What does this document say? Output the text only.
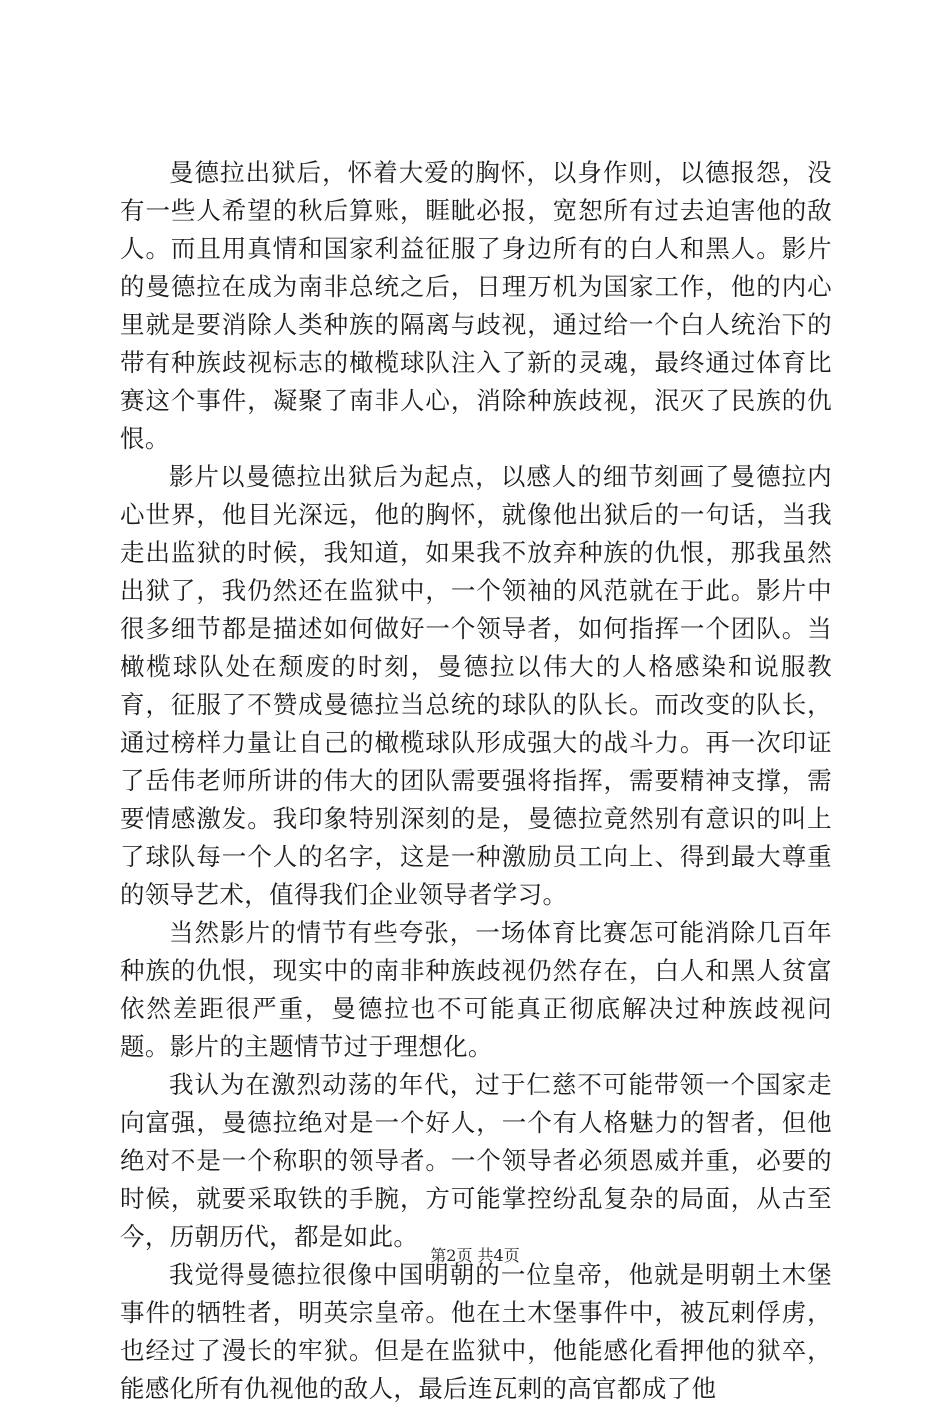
曼德拉出狱后，怀着大爱的胸怀，以身作则，以德报怨，没有一些人希望的秋后算账，睚眦必报，宽恕所有过去迫害他的敌人。而且用真情和国家利益征服了身边所有的白人和黑人。影片的曼德拉在成为南非总统之后，日理万机为国家工作，他的内心里就是要消除人类种族的隔离与歧视，通过给一个白人统治下的带有种族歧视标志的橄榄球队注入了新的灵魂，最终通过体育比赛这个事件，凝聚了南非人心，消除种族歧视，泯灭了民族的仇恨。

影片以曼德拉出狱后为起点，以感人的细节刻画了曼德拉内心世界，他目光深远，他的胸怀，就像他出狱后的一句话，当我走出监狱的时候，我知道，如果我不放弃种族的仇恨，那我虽然出狱了，我仍然还在监狱中，一个领袖的风范就在于此。影片中很多细节都是描述如何做好一个领导者，如何指挥一个团队。当橄榄球队处在颓废的时刻，曼德拉以伟大的人格感染和说服教育，征服了不赞成曼德拉当总统的球队的队长。而改变的队长，通过榜样力量让自己的橄榄球队形成强大的战斗力。再一次印证了岳伟老师所讲的伟大的团队需要强将指挥，需要精神支撑，需要情感激发。我印象特别深刻的是，曼德拉竟然别有意识的叫上了球队每一个人的名字，这是一种激励员工向上、得到最大尊重的领导艺术，值得我们企业领导者学习。

当然影片的情节有些夸张，一场体育比赛怎可能消除几百年种族的仇恨，现实中的南非种族歧视仍然存在，白人和黑人贫富依然差距很严重，曼德拉也不可能真正彻底解决过种族歧视问题。影片的主题情节过于理想化。

我认为在激烈动荡的年代，过于仁慈不可能带领一个国家走向富强，曼德拉绝对是一个好人，一个有人格魅力的智者，但他绝对不是一个称职的领导者。一个领导者必须恩威并重，必要的时候，就要采取铁的手腕，方可能掌控纷乱复杂的局面，从古至今，历朝历代，都是如此。

我觉得曼德拉很像中国明朝的一位皇帝，他就是明朝土木堡事件的牺牲者，明英宗皇帝。他在土木堡事件中，被瓦剌俘虏，也经过了漫长的牢狱。但是在监狱中，他能感化看押他的狱卒，能感化所有仇视他的敌人，最后连瓦剌的高官都成了他

第2页 共4页
